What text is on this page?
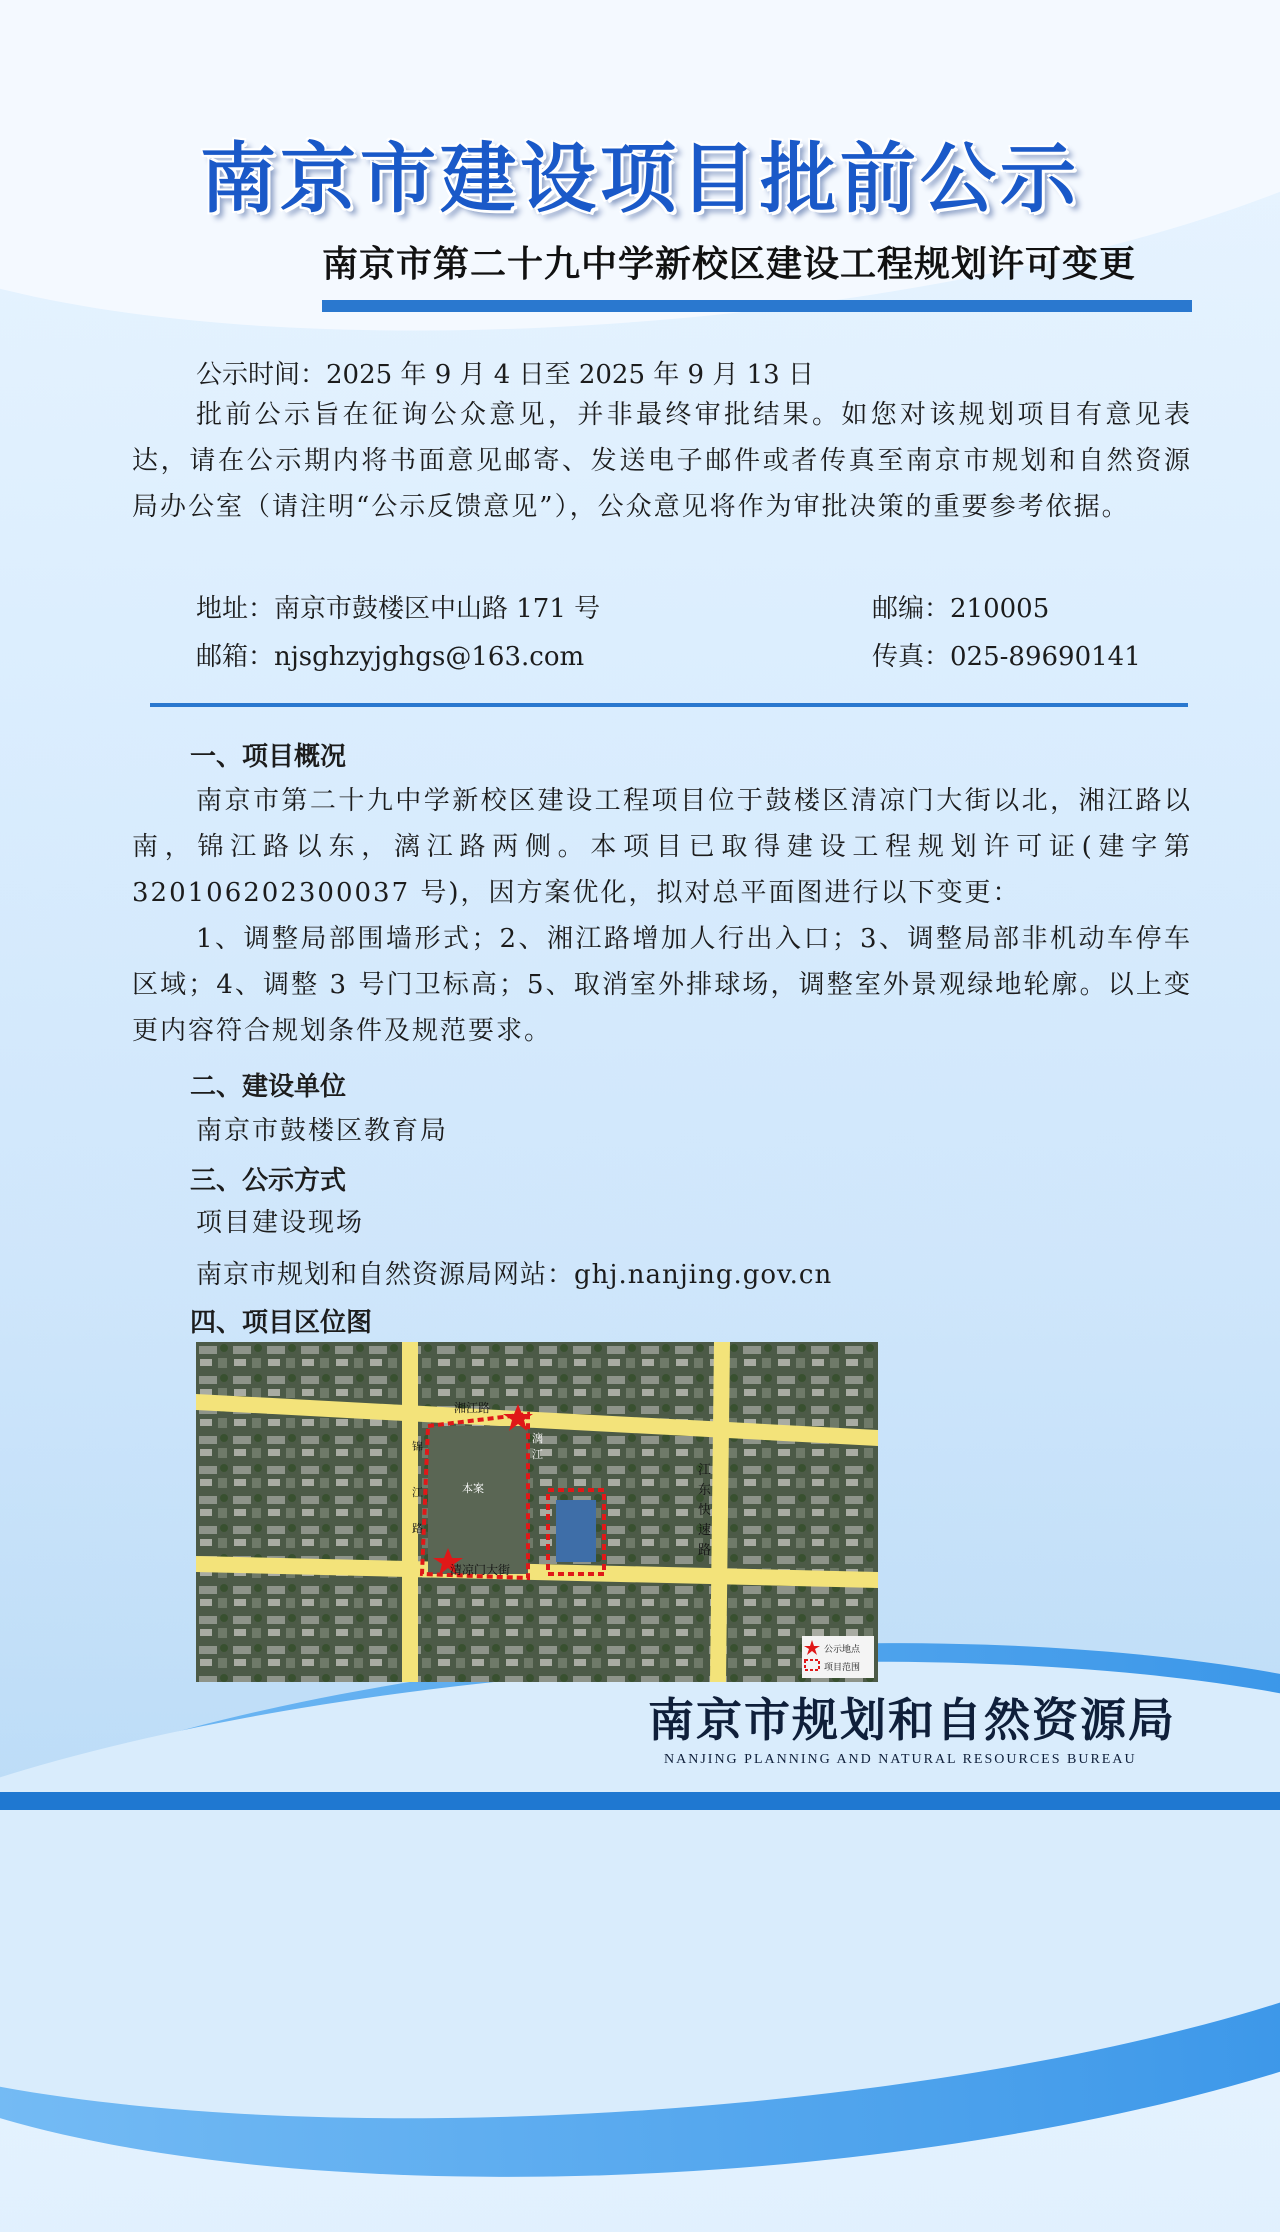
南京市建设项目批前公示
南京市第二十九中学新校区建设工程规划许可变更

公示时间：2025 年 9 月 4 日至 2025 年 9 月 13 日

批前公示旨在征询公众意见，并非最终审批结果。如您对该规划项目有意见表达，请在公示期内将书面意见邮寄、发送电子邮件或者传真至南京市规划和自然资源局办公室（请注明“公示反馈意见”），公众意见将作为审批决策的重要参考依据。

地址：南京市鼓楼区中山路 171 号	邮编：210005

邮箱：njsghzyjghgs@163.com	传真：025-89690141

一、项目概况

南京市第二十九中学新校区建设工程项目位于鼓楼区清凉门大街以北，湘江路以南，锦江路以东，漓江路两侧。本项目已取得建设工程规划许可证(建字第 320106202300037 号)，因方案优化，拟对总平面图进行以下变更：

1、调整局部围墙形式；2、湘江路增加人行出入口；3、调整局部非机动车停车区域；4、调整 3 号门卫标高；5、取消室外排球场，调整室外景观绿地轮廓。以上变更内容符合规划条件及规范要求。

二、建设单位

南京市鼓楼区教育局

三、公示方式

项目建设现场

南京市规划和自然资源局网站：ghj.nanjing.gov.cn

四、项目区位图
湘江路
锦
江
路
漓
江
本案
清凉门大街
江
东
快
速
路
公示地点
项目范围
南京市规划和自然资源局
NANJING PLANNING AND NATURAL RESOURCES BUREAU
